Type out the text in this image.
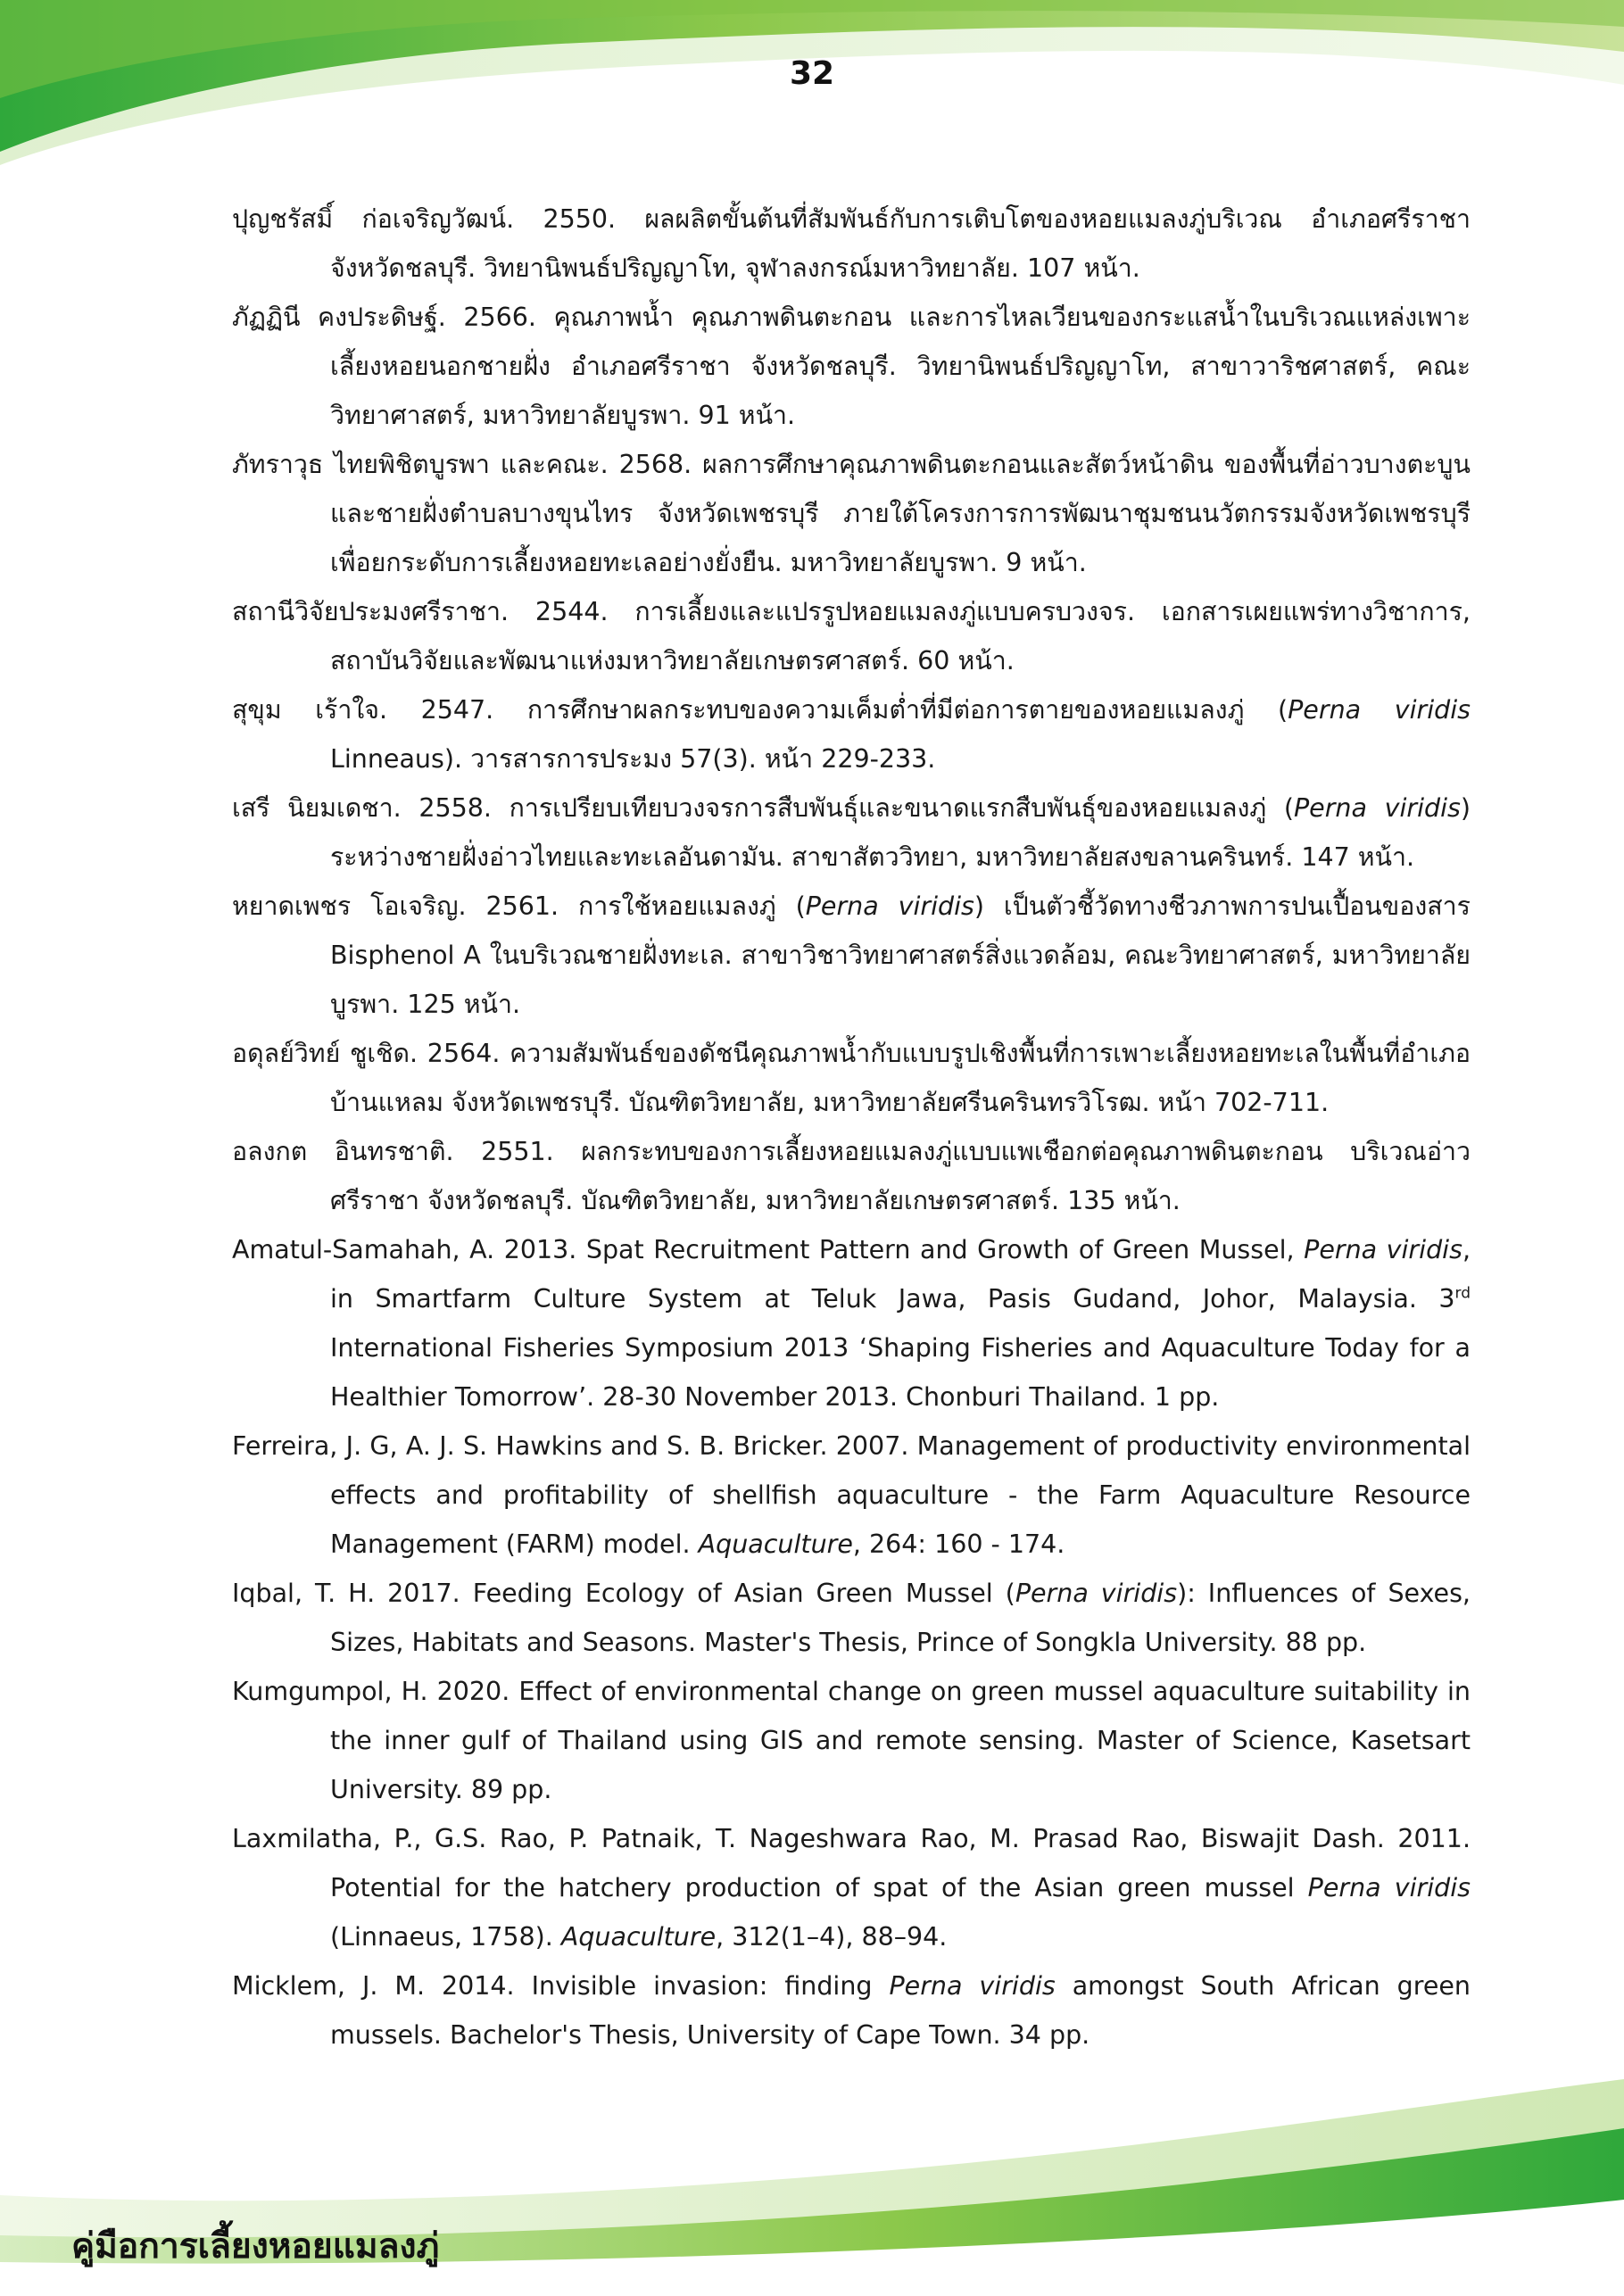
32
ปุญชรัสมิ์ ก่อเจริญวัฒน์. 2550. ผลผลิตขั้นต้นที่สัมพันธ์กับการเติบโตของหอยแมลงภู่บริเวณ อำเภอศรีราชา จังหวัดชลบุรี. วิทยานิพนธ์ปริญญาโท, จุฬาลงกรณ์มหาวิทยาลัย. 107 หน้า.
ภัฏฏินี คงประดิษฐ์. 2566. คุณภาพน้ำ คุณภาพดินตะกอน และการไหลเวียนของกระแสน้ำในบริเวณแหล่งเพาะเลี้ยงหอยนอกชายฝั่ง อำเภอศรีราชา จังหวัดชลบุรี. วิทยานิพนธ์ปริญญาโท, สาขาวาริชศาสตร์, คณะวิทยาศาสตร์, มหาวิทยาลัยบูรพา. 91 หน้า.
ภัทราวุธ ไทยพิชิตบูรพา และคณะ. 2568. ผลการศึกษาคุณภาพดินตะกอนและสัตว์หน้าดิน ของพื้นที่อ่าวบางตะบูนและชายฝั่งตำบลบางขุนไทร จังหวัดเพชรบุรี ภายใต้โครงการการพัฒนาชุมชนนวัตกรรมจังหวัดเพชรบุรีเพื่อยกระดับการเลี้ยงหอยทะเลอย่างยั่งยืน. มหาวิทยาลัยบูรพา. 9 หน้า.
สถานีวิจัยประมงศรีราชา. 2544. การเลี้ยงและแปรรูปหอยแมลงภู่แบบครบวงจร. เอกสารเผยแพร่ทางวิชาการ, สถาบันวิจัยและพัฒนาแห่งมหาวิทยาลัยเกษตรศาสตร์. 60 หน้า.
สุขุม เร้าใจ. 2547. การศึกษาผลกระทบของความเค็มต่ำที่มีต่อการตายของหอยแมลงภู่ (Perna viridis Linneaus). วารสารการประมง 57(3). หน้า 229-233.
เสรี นิยมเดชา. 2558. การเปรียบเทียบวงจรการสืบพันธุ์และขนาดแรกสืบพันธุ์ของหอยแมลงภู่ (Perna viridis) ระหว่างชายฝั่งอ่าวไทยและทะเลอันดามัน. สาขาสัตววิทยา, มหาวิทยาลัยสงขลานครินทร์. 147 หน้า.
หยาดเพชร โอเจริญ. 2561. การใช้หอยแมลงภู่ (Perna viridis) เป็นตัวชี้วัดทางชีวภาพการปนเปื้อนของสาร Bisphenol A ในบริเวณชายฝั่งทะเล. สาขาวิชาวิทยาศาสตร์สิ่งแวดล้อม, คณะวิทยาศาสตร์, มหาวิทยาลัยบูรพา. 125 หน้า.
อดุลย์วิทย์ ชูเชิด. 2564. ความสัมพันธ์ของดัชนีคุณภาพน้ำกับแบบรูปเชิงพื้นที่การเพาะเลี้ยงหอยทะเลในพื้นที่อำเภอบ้านแหลม จังหวัดเพชรบุรี. บัณฑิตวิทยาลัย, มหาวิทยาลัยศรีนครินทรวิโรฒ. หน้า 702-711.
อลงกต อินทรชาติ. 2551. ผลกระทบของการเลี้ยงหอยแมลงภู่แบบแพเชือกต่อคุณภาพดินตะกอน บริเวณอ่าวศรีราชา จังหวัดชลบุรี. บัณฑิตวิทยาลัย, มหาวิทยาลัยเกษตรศาสตร์. 135 หน้า.
Amatul-Samahah, A. 2013. Spat Recruitment Pattern and Growth of Green Mussel, Perna viridis, in Smartfarm Culture System at Teluk Jawa, Pasis Gudand, Johor, Malaysia. 3rd International Fisheries Symposium 2013 ‘Shaping Fisheries and Aquaculture Today for a Healthier Tomorrow’. 28-30 November 2013. Chonburi Thailand. 1 pp.
Ferreira, J. G, A. J. S. Hawkins and S. B. Bricker. 2007. Management of productivity environmental effects and profitability of shellfish aquaculture - the Farm Aquaculture Resource Management (FARM) model. Aquaculture, 264: 160 - 174.
Iqbal, T. H. 2017. Feeding Ecology of Asian Green Mussel (Perna viridis): Influences of Sexes, Sizes, Habitats and Seasons. Master's Thesis, Prince of Songkla University. 88 pp.
Kumgumpol, H. 2020. Effect of environmental change on green mussel aquaculture suitability in the inner gulf of Thailand using GIS and remote sensing. Master of Science, Kasetsart University. 89 pp.
Laxmilatha, P., G.S. Rao, P. Patnaik, T. Nageshwara Rao, M. Prasad Rao, Biswajit Dash. 2011. Potential for the hatchery production of spat of the Asian green mussel Perna viridis (Linnaeus, 1758). Aquaculture, 312(1–4), 88–94.
Micklem, J. M. 2014. Invisible invasion: finding Perna viridis amongst South African green mussels. Bachelor's Thesis, University of Cape Town. 34 pp.
คู่มือการเลี้ยงหอยแมลงภู่
